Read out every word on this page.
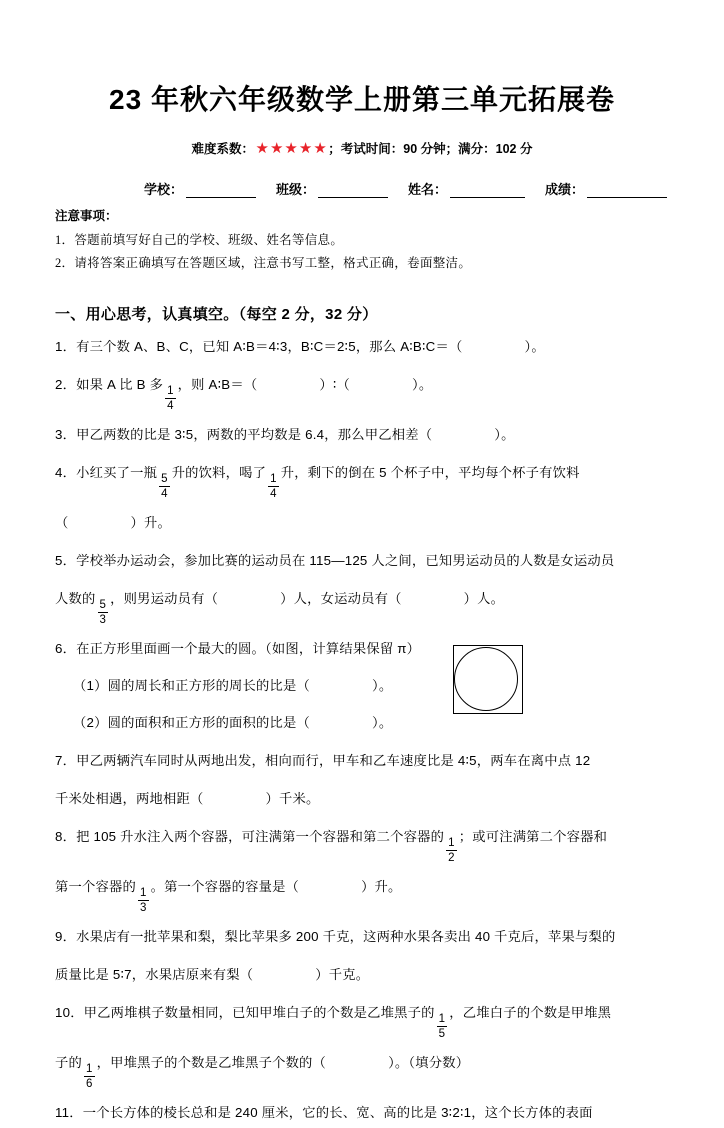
23 年秋六年级数学上册第三单元拓展卷
难度系数： ★ ★ ★ ★ ★ ；考试时间：90 分钟；满分：102 分
学校：	班级：	姓名：	成绩：
注意事项：
1．答题前填写好自己的学校、班级、姓名等信息。
2．请将答案正确填写在答题区域，注意书写工整，格式正确，卷面整洁。
一、用心思考，认真填空。（每空 2 分，32 分）
1．有三个数 A、B、C，已知 A∶B＝4∶3，B∶C＝2∶5，那么 A∶B∶C＝（	）。
2．如果 A 比 B 多
$\frac{1}{4}$
，则 A∶B＝（	）∶（	）。
3．甲乙两数的比是 3∶5，两数的平均数是 6.4，那么甲乙相差（	）。
4．小红买了一瓶
$\frac{5}{4}$
升的饮料，喝了
$\frac{1}{4}$
升，剩下的倒在 5 个杯子中，平均每个杯子有饮料
（	）升。
5．学校举办运动会，参加比赛的运动员在 115—125 人之间，已知男运动员的人数是女运动员
人数的
$\frac{5}{3}$
，则男运动员有（	）人，女运动员有（	）人。
6．在正方形里面画一个最大的圆。（如图，计算结果保留 π）
（1）圆的周长和正方形的周长的比是（	）。
（2）圆的面积和正方形的面积的比是（	）。
7．甲乙两辆汽车同时从两地出发，相向而行，甲车和乙车速度比是 4∶5，两车在离中点 12
千米处相遇，两地相距（	）千米。
8．把 105 升水注入两个容器，可注满第一个容器和第二个容器的
$\frac{1}{2}$
；或可注满第二个容器和
第一个容器的
$\frac{1}{3}$
。第一个容器的容量是（	）升。
9．水果店有一批苹果和梨，梨比苹果多 200 千克，这两种水果各卖出 40 千克后，苹果与梨的
质量比是 5∶7，水果店原来有梨（	）千克。
10．甲乙两堆棋子数量相同，已知甲堆白子的个数是乙堆黑子的
$\frac{1}{5}$
，乙堆白子的个数是甲堆黑
子的
$\frac{1}{6}$
，甲堆黑子的个数是乙堆黑子个数的（	）。（填分数）
11．一个长方体的棱长总和是 240 厘米，它的长、宽、高的比是 3∶2∶1，这个长方体的表面
